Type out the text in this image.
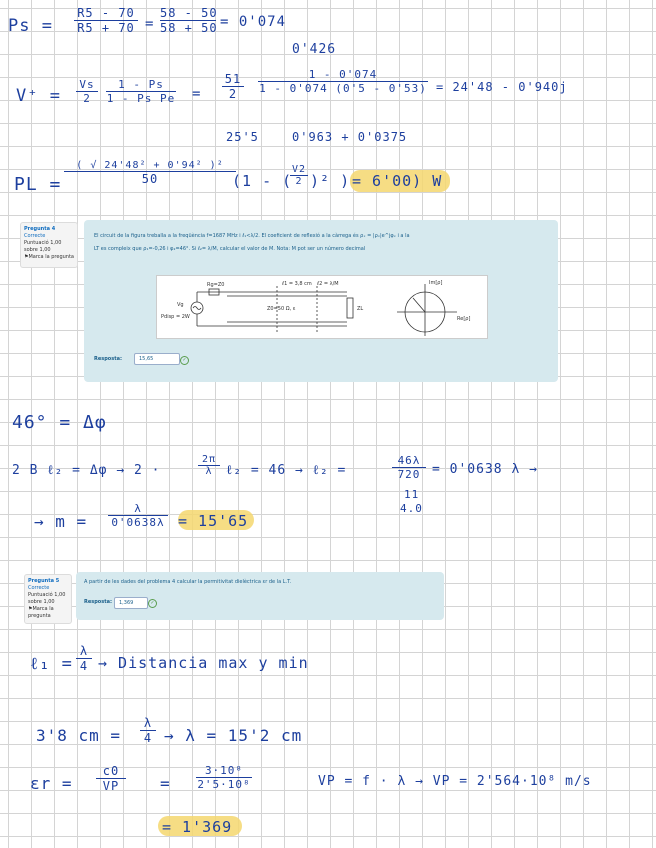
Ps =
R5 - 70
R5 + 70 =
58 - 50
58 + 50 = 0'074
0'426
V⁺ =
Vs
2
1 - Ps
1 - Ps Pe =
51
2
1 - 0'074
1 - 0'074 (0'5 - 0'53) = 24'48 - 0'940j
25'5	0'963 + 0'0375
PL =
( √ 24'48² + 0'94² )²
50	(1 - (
V2
2 )² ) = 6'00) W
Pregunta 4
Correcte
Puntuació 1,00 sobre 1,00
⚑Marca la pregunta
El circuit de la figura treballa a la freqüència f=1687 MHz i ℓ₁<λ/2. El coeficient de reflexió a la càrrega és ρₓ = |ρₓ|e^jφₓ i a la
LT es compleix que ρ₁=-0,26 i φ₂=46°. Si ℓ₂= λ/M, calcular el valor de M. Nota: M pot ser un número decimal
Rg=Z0
Vg
Pdisp = 2W
ℓ1 = 3,8 cm ℓ2 = λ/M
Z0=50 Ω, ε	ZL
Im[ρ]
Re[ρ]
Resposta:	15,65	✓
46° = Δφ
2 B ℓ₂ = Δφ → 2 ·
2π
λ	ℓ₂ = 46 → ℓ₂ =
46λ
720 = 0'0638 λ →
11
4.0
→ m =
λ
0'0638λ = 15'65
Pregunta 5
Correcte
Puntuació 1,00 sobre 1,00
⚑Marca la pregunta
A partir de les dades del problema 4 calcular la permitivitat dielèctrica εr de la L.T.
Resposta:	1,369	✓
ℓ₁ =
λ
4 → Distancia max y min
3'8 cm =
λ
4 → λ = 15'2 cm
εr =
c0
VP	=
3·10⁸
2'5·10⁸	VP = f · λ → VP = 2'564·10⁸ m/s
= 1'369
